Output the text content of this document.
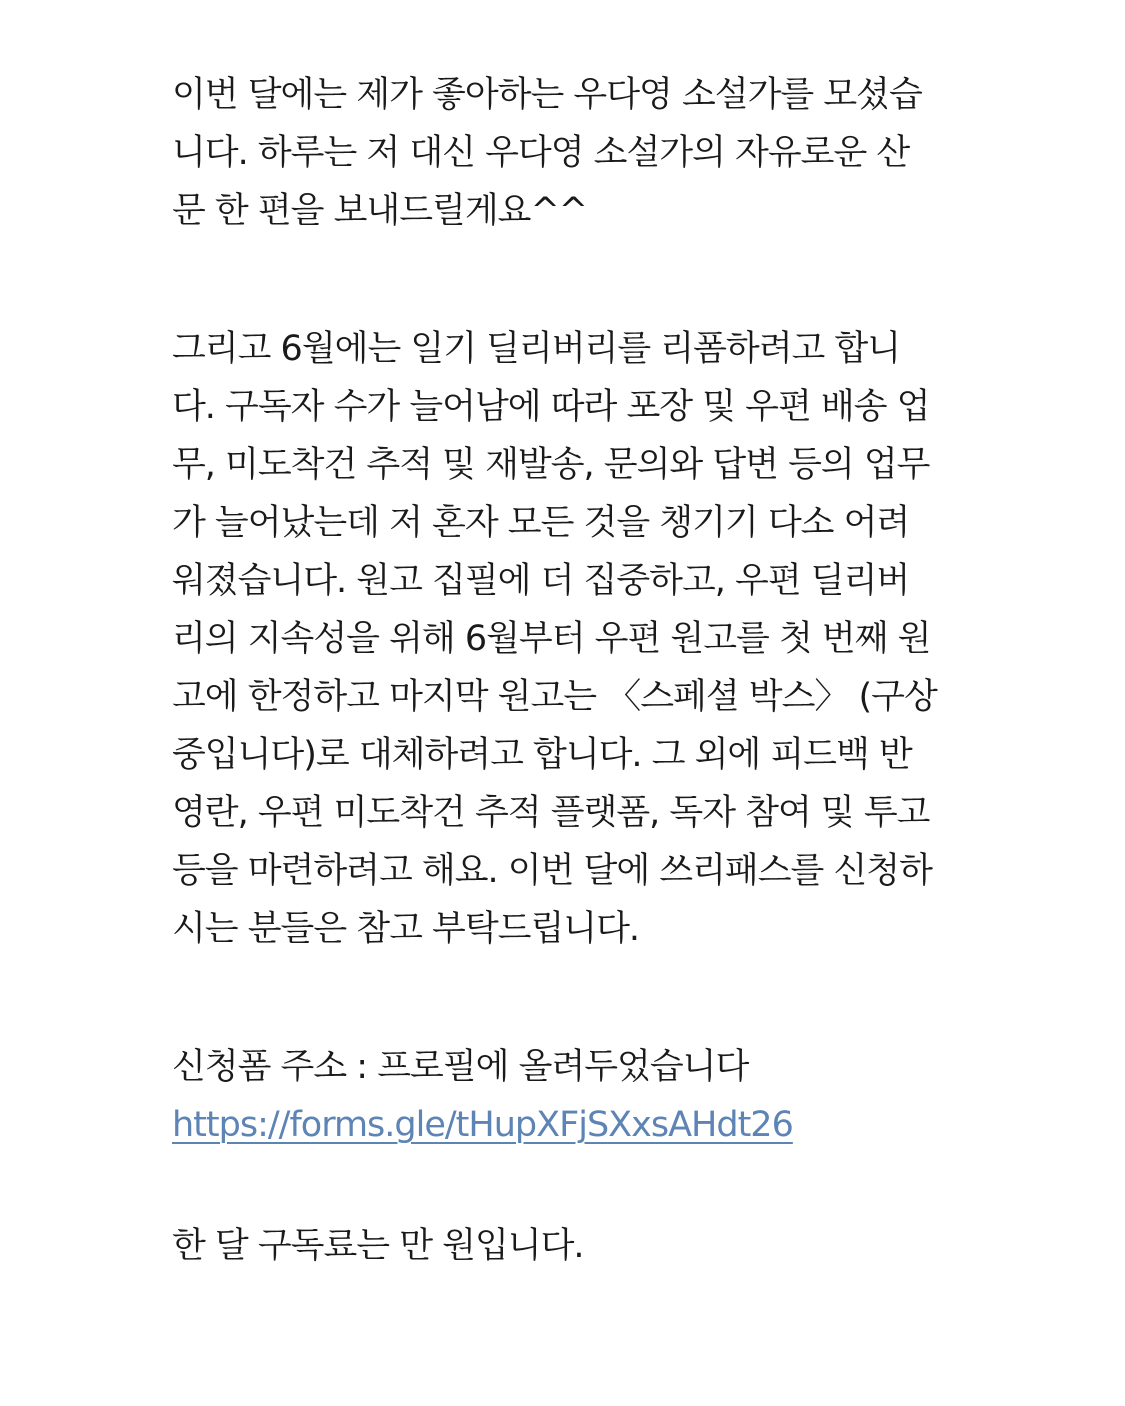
이번 달에는 제가 좋아하는 우다영 소설가를 모셨습
니다. 하루는 저 대신 우다영 소설가의 자유로운 산
문 한 편을 보내드릴게요^^
그리고 6월에는 일기 딜리버리를 리폼하려고 합니
다. 구독자 수가 늘어남에 따라 포장 및 우편 배송 업
무, 미도착건 추적 및 재발송, 문의와 답변 등의 업무
가 늘어났는데 저 혼자 모든 것을 챙기기 다소 어려
워졌습니다. 원고 집필에 더 집중하고, 우편 딜리버
리의 지속성을 위해 6월부터 우편 원고를 첫 번째 원
고에 한정하고 마지막 원고는 〈스페셜 박스〉 (구상
중입니다)로 대체하려고 합니다. 그 외에 피드백 반
영란, 우편 미도착건 추적 플랫폼, 독자 참여 및 투고
등을 마련하려고 해요. 이번 달에 쓰리패스를 신청하
시는 분들은 참고 부탁드립니다.
신청폼 주소 : 프로필에 올려두었습니다
https://forms.gle/tHupXFjSXxsAHdt26
한 달 구독료는 만 원입니다.
